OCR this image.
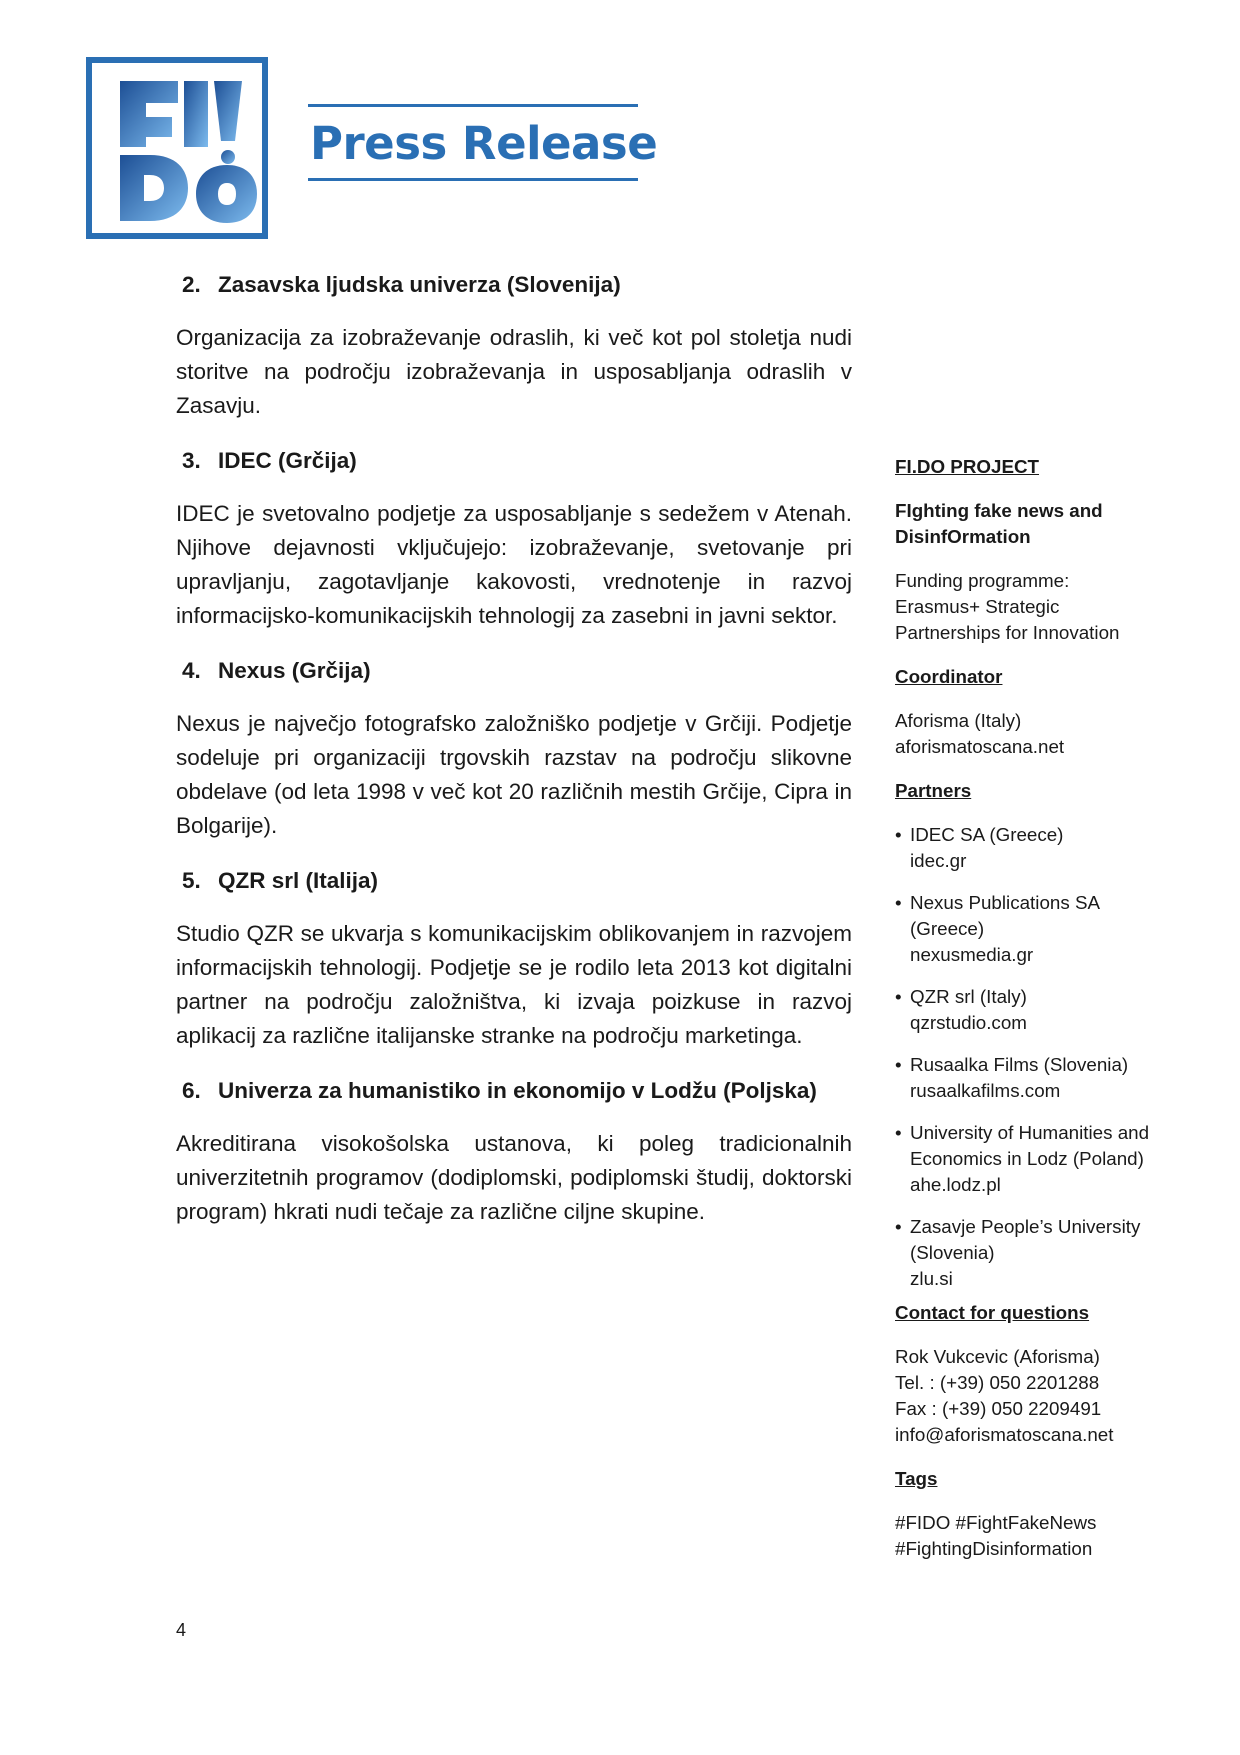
Press Release
2. Zasavska ljudska univerza (Slovenija)

Organizacija za izobraževanje odraslih, ki več kot pol stoletja nudi storitve na področju izobraževanja in usposabljanja odraslih v Zasavju.

3. IDEC (Grčija)

IDEC je svetovalno podjetje za usposabljanje s sedežem v Atenah. Njihove dejavnosti vključujejo: izobraževanje, svetovanje pri upravljanju, zagotavljanje kakovosti, vrednotenje in razvoj informacijsko-komunikacijskih tehnologij za zasebni in javni sektor.

4. Nexus (Grčija)

Nexus je največjo fotografsko založniško podjetje v Grčiji. Podjetje sodeluje pri organizaciji trgovskih razstav na področju slikovne obdelave (od leta 1998 v več kot 20 različnih mestih Grčije, Cipra in Bolgarije).

5. QZR srl (Italija)

Studio QZR se ukvarja s komunikacijskim oblikovanjem in razvojem informacijskih tehnologij. Podjetje se je rodilo leta 2013 kot digitalni partner na področju založništva, ki izvaja poizkuse in razvoj aplikacij za različne italijanske stranke na področju marketinga.

6. Univerza za humanistiko in ekonomijo v Lodžu (Poljska)

Akreditirana visokošolska ustanova, ki poleg tradicionalnih univerzitetnih programov (dodiplomski, podiplomski študij, doktorski program) hkrati nudi tečaje za različne ciljne skupine.

FI.DO PROJECT

FIghting fake news and

DisinfOrmation

Funding programme:

Erasmus+ Strategic

Partnerships for Innovation

Coordinator

Aforisma (Italy)

aforismatoscana.net

Partners

• IDEC SA (Greece)

idec.gr

• Nexus Publications SA

(Greece)

nexusmedia.gr

• QZR srl (Italy)

qzrstudio.com

• Rusaalka Films (Slovenia)

rusaalkafilms.com

• University of Humanities and

Economics in Lodz (Poland)

ahe.lodz.pl

• Zasavje People’s University

(Slovenia)

zlu.si

Contact for questions

Rok Vukcevic (Aforisma)

Tel. : (+39) 050 2201288

Fax : (+39) 050 2209491

info@aforismatoscana.net

Tags

#FIDO #FightFakeNews

#FightingDisinformation

4
